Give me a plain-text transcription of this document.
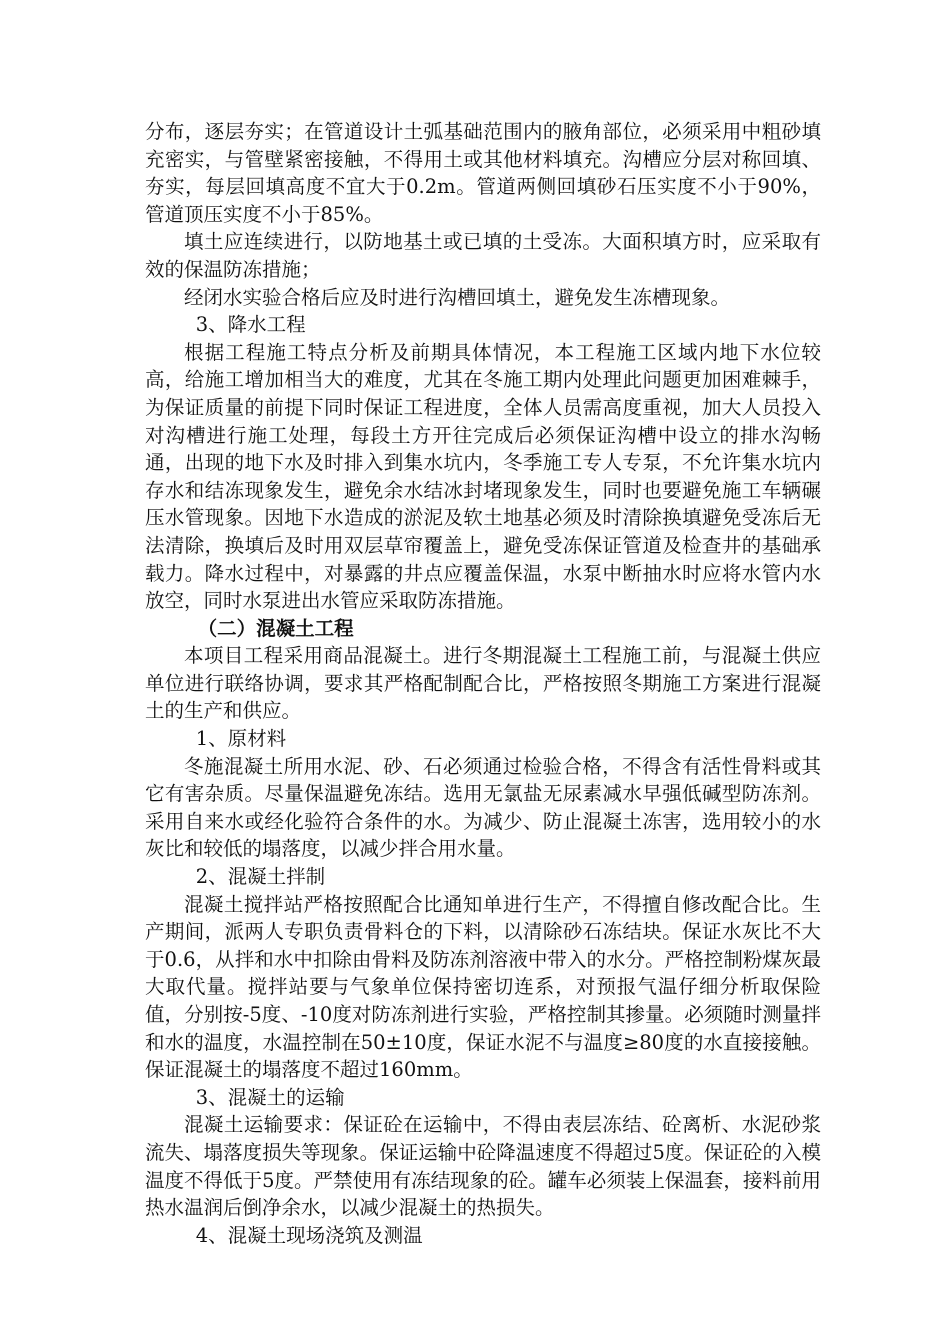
分布，逐层夯实；在管道设计土弧基础范围内的腋角部位，必须采用中粗砂填充密实，与管壁紧密接触，不得用土或其他材料填充。沟槽应分层对称回填、夯实，每层回填高度不宜大于0.2m。管道两侧回填砂石压实度不小于90%，管道顶压实度不小于85%。

填土应连续进行，以防地基土或已填的土受冻。大面积填方时，应采取有效的保温防冻措施；

经闭水实验合格后应及时进行沟槽回填土，避免发生冻槽现象。

3、降水工程

根据工程施工特点分析及前期具体情况，本工程施工区域内地下水位较高，给施工增加相当大的难度，尤其在冬施工期内处理此问题更加困难棘手，为保证质量的前提下同时保证工程进度，全体人员需高度重视，加大人员投入对沟槽进行施工处理，每段土方开往完成后必须保证沟槽中设立的排水沟畅通，出现的地下水及时排入到集水坑内，冬季施工专人专泵，不允许集水坑内存水和结冻现象发生，避免余水结冰封堵现象发生，同时也要避免施工车辆碾压水管现象。因地下水造成的淤泥及软土地基必须及时清除换填避免受冻后无法清除，换填后及时用双层草帘覆盖上，避免受冻保证管道及检查井的基础承载力。降水过程中，对暴露的井点应覆盖保温，水泵中断抽水时应将水管内水放空，同时水泵进出水管应采取防冻措施。

（二）混凝土工程

本项目工程采用商品混凝土。进行冬期混凝土工程施工前，与混凝土供应单位进行联络协调，要求其严格配制配合比，严格按照冬期施工方案进行混凝土的生产和供应。

1、原材料

冬施混凝土所用水泥、砂、石必须通过检验合格，不得含有活性骨料或其它有害杂质。尽量保温避免冻结。选用无氯盐无尿素减水早强低碱型防冻剂。采用自来水或经化验符合条件的水。为减少、防止混凝土冻害，选用较小的水灰比和较低的塌落度，以减少拌合用水量。

2、混凝土拌制

混凝土搅拌站严格按照配合比通知单进行生产，不得擅自修改配合比。生产期间，派两人专职负责骨料仓的下料，以清除砂石冻结块。保证水灰比不大于0.6，从拌和水中扣除由骨料及防冻剂溶液中带入的水分。严格控制粉煤灰最大取代量。搅拌站要与气象单位保持密切连系，对预报气温仔细分析取保险值，分别按-5度、-10度对防冻剂进行实验，严格控制其掺量。必须随时测量拌和水的温度，水温控制在50±10度，保证水泥不与温度≥80度的水直接接触。保证混凝土的塌落度不超过160mm。

3、混凝土的运输

混凝土运输要求：保证砼在运输中，不得由表层冻结、砼离析、水泥砂浆流失、塌落度损失等现象。保证运输中砼降温速度不得超过5度。保证砼的入模温度不得低于5度。严禁使用有冻结现象的砼。罐车必须装上保温套，接料前用热水温润后倒净余水，以减少混凝土的热损失。

4、混凝土现场浇筑及测温
